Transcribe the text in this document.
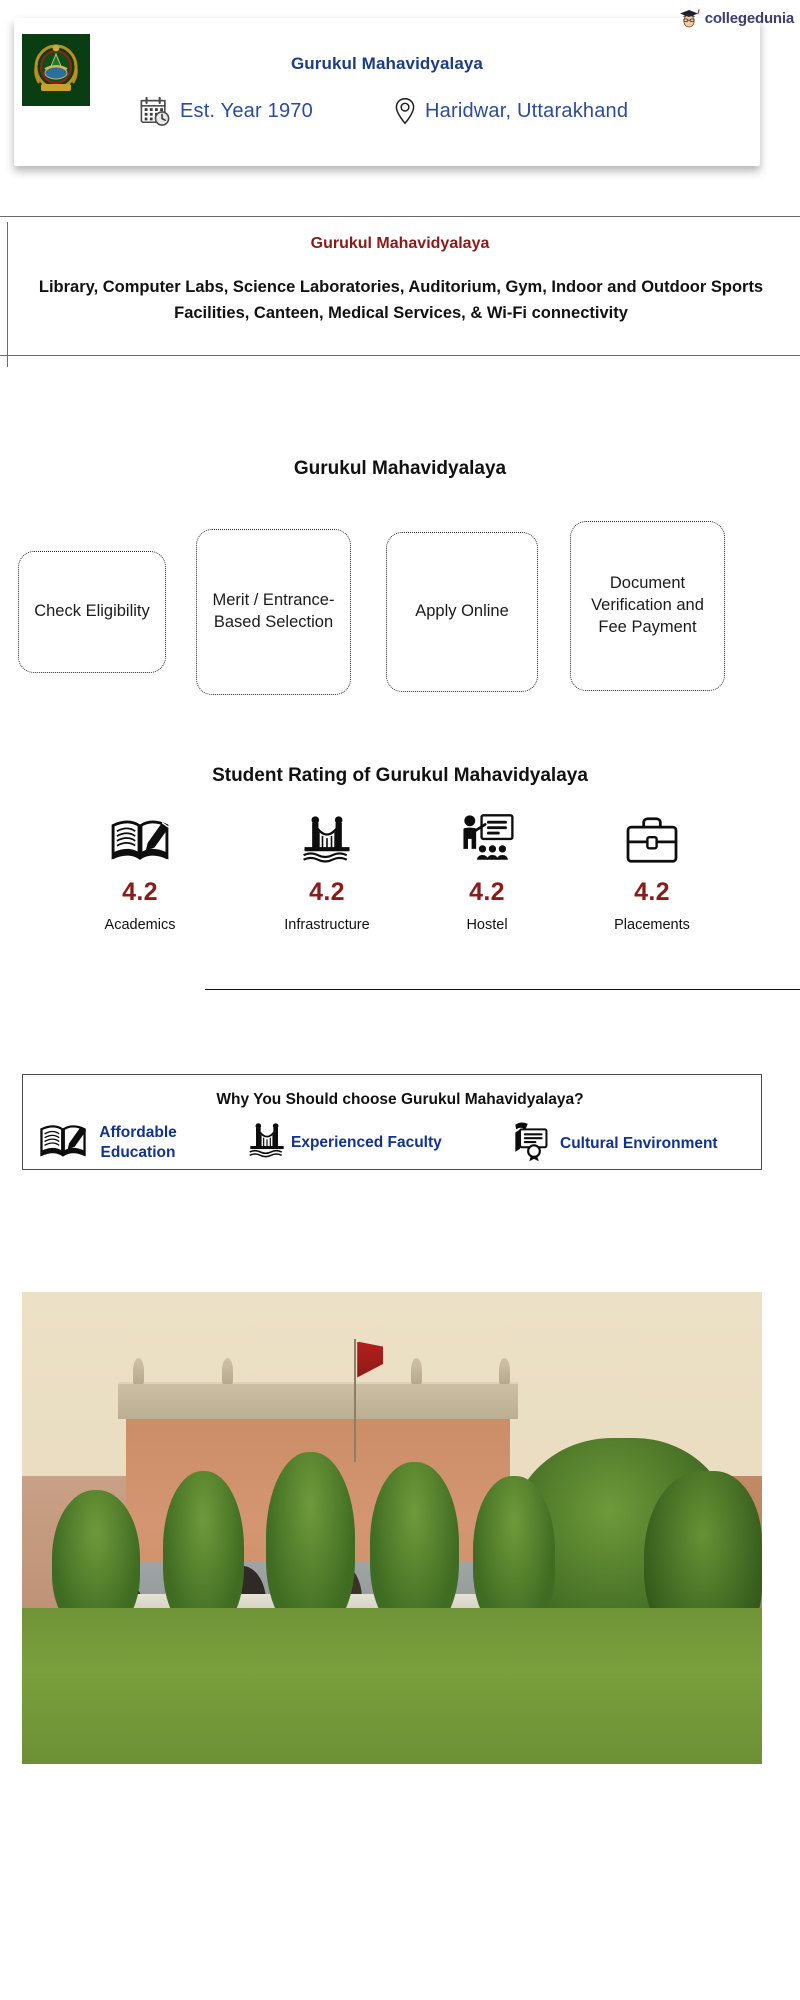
collegedunia
Gurukul Mahavidyalaya
Est. Year 1970	Haridwar, Uttarakhand
Gurukul Mahavidyalaya
Library, Computer Labs, Science Laboratories, Auditorium, Gym, Indoor and Outdoor Sports Facilities, Canteen, Medical Services, & Wi-Fi connectivity
Gurukul Mahavidyalaya
Check Eligibility
Merit / Entrance-Based Selection
Apply Online
Document Verification and Fee Payment
Student Rating of Gurukul Mahavidyalaya
4.2
Academics
4.2
Infrastructure
4.2
Hostel
4.2
Placements
Why You Should choose Gurukul Mahavidyalaya?
Affordable Education
Experienced Faculty	Cultural Environment
